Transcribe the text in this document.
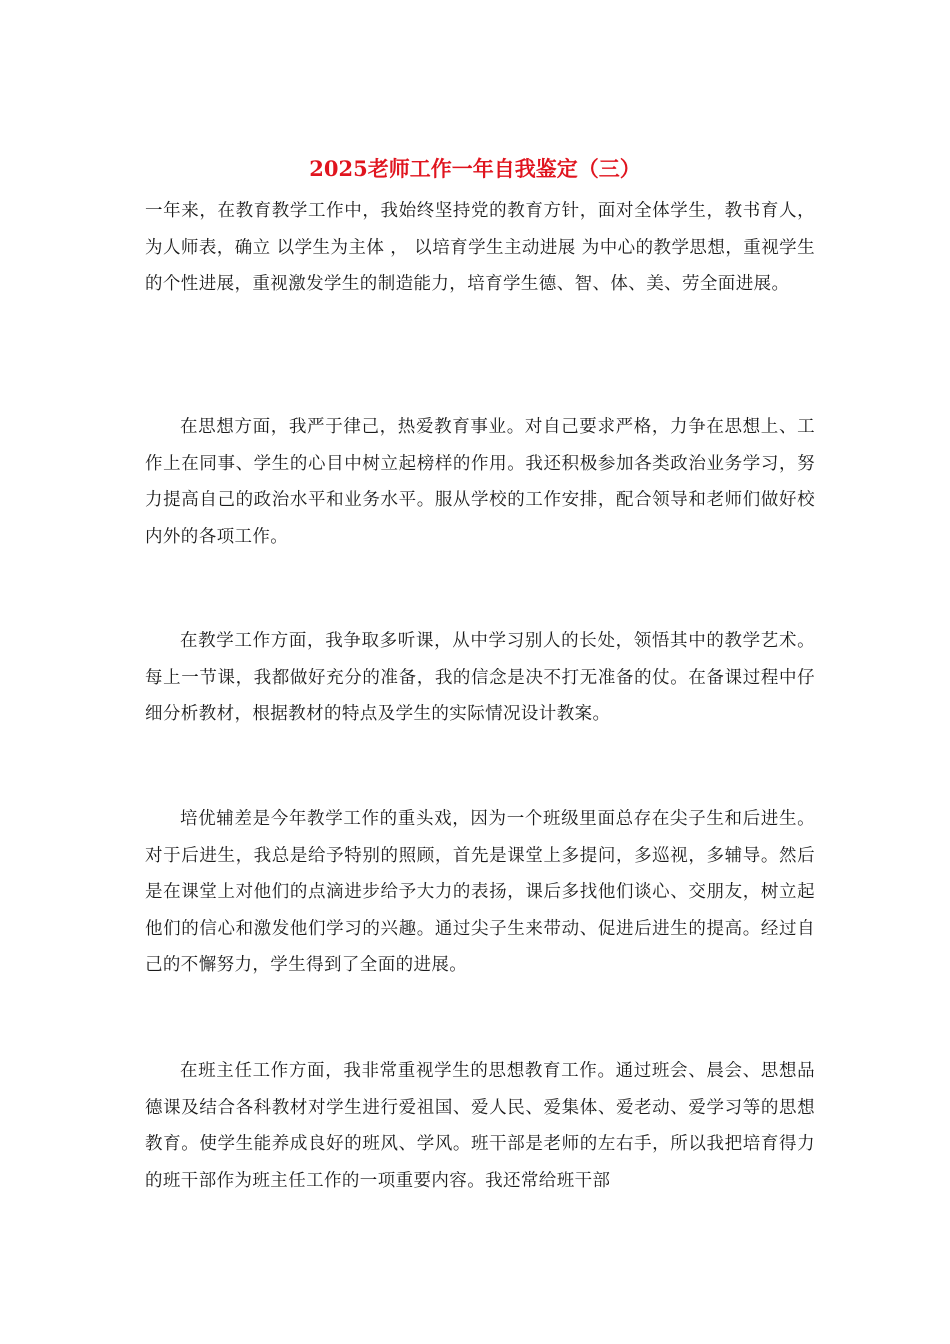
2025老师工作一年自我鉴定（三）

一年来，在教育教学工作中，我始终坚持党的教育方针，面对全体学生，教书育人，为人师表，确立 以学生为主体 ， 以培育学生主动进展 为中心的教学思想，重视学生的个性进展，重视激发学生的制造能力，培育学生德、智、体、美、劳全面进展。

在思想方面，我严于律己，热爱教育事业。对自己要求严格，力争在思想上、工作上在同事、学生的心目中树立起榜样的作用。我还积极参加各类政治业务学习，努力提高自己的政治水平和业务水平。服从学校的工作安排，配合领导和老师们做好校内外的各项工作。

在教学工作方面，我争取多听课，从中学习别人的长处，领悟其中的教学艺术。每上一节课，我都做好充分的准备，我的信念是决不打无准备的仗。在备课过程中仔细分析教材，根据教材的特点及学生的实际情况设计教案。

培优辅差是今年教学工作的重头戏，因为一个班级里面总存在尖子生和后进生。对于后进生，我总是给予特别的照顾，首先是课堂上多提问，多巡视，多辅导。然后是在课堂上对他们的点滴进步给予大力的表扬，课后多找他们谈心、交朋友，树立起他们的信心和激发他们学习的兴趣。通过尖子生来带动、促进后进生的提高。经过自己的不懈努力，学生得到了全面的进展。

在班主任工作方面，我非常重视学生的思想教育工作。通过班会、晨会、思想品德课及结合各科教材对学生进行爱祖国、爱人民、爱集体、爱老动、爱学习等的思想教育。使学生能养成良好的班风、学风。班干部是老师的左右手，所以我把培育得力的班干部作为班主任工作的一项重要内容。我还常给班干部
